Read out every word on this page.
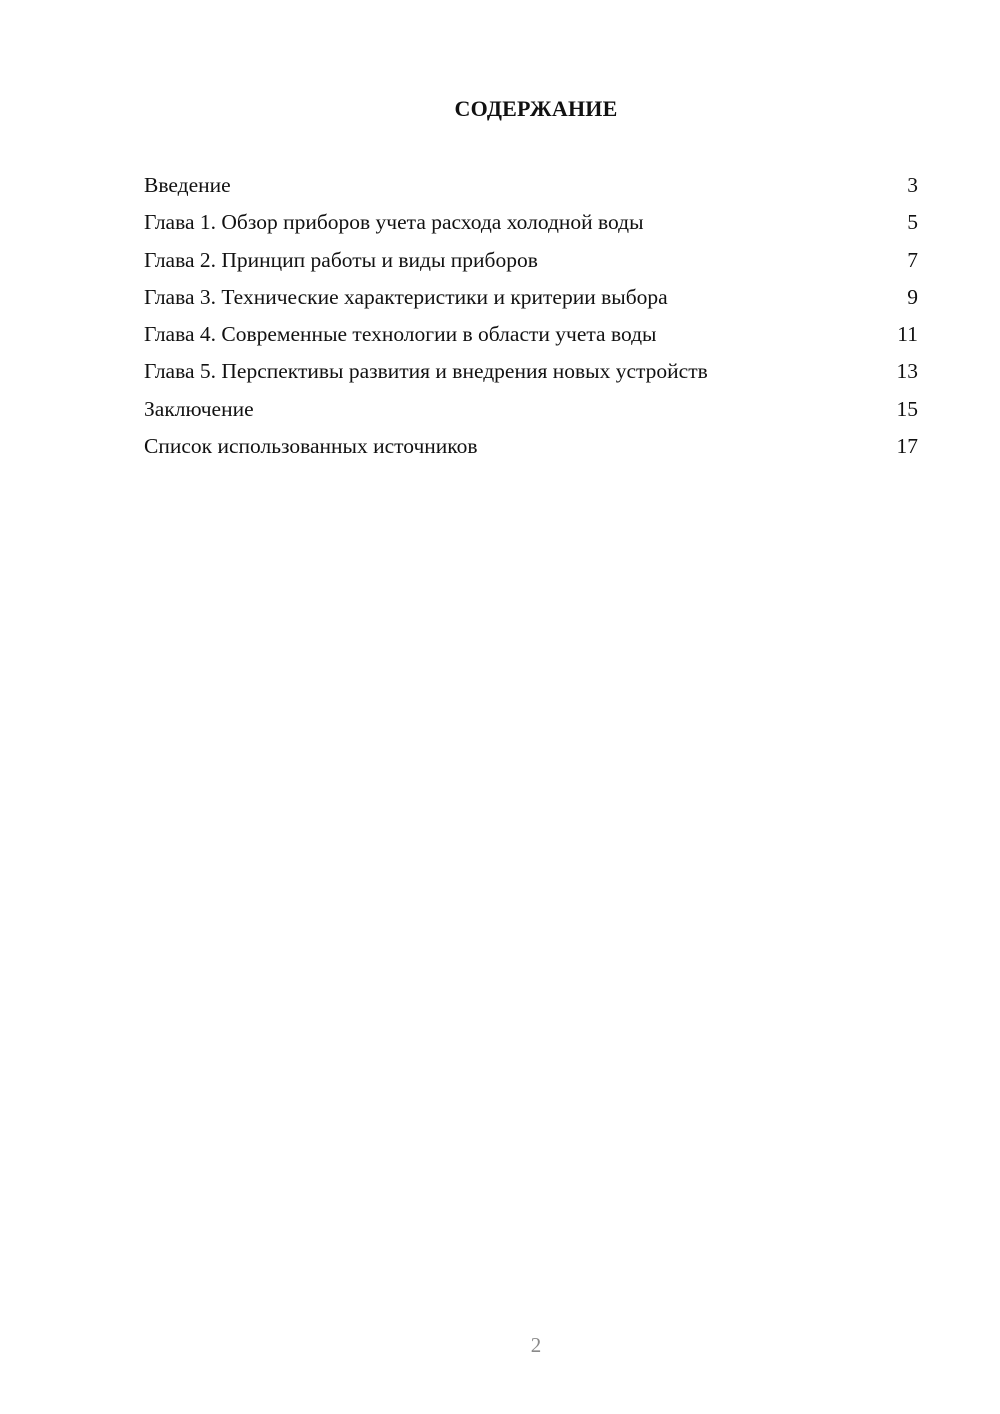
СОДЕРЖАНИЕ
Введение	3
Глава 1. Обзор приборов учета расхода холодной воды	5
Глава 2. Принцип работы и виды приборов	7
Глава 3. Технические характеристики и критерии выбора	9
Глава 4. Современные технологии в области учета воды	11
Глава 5. Перспективы развития и внедрения новых устройств	13
Заключение	15
Список использованных источников	17
2
